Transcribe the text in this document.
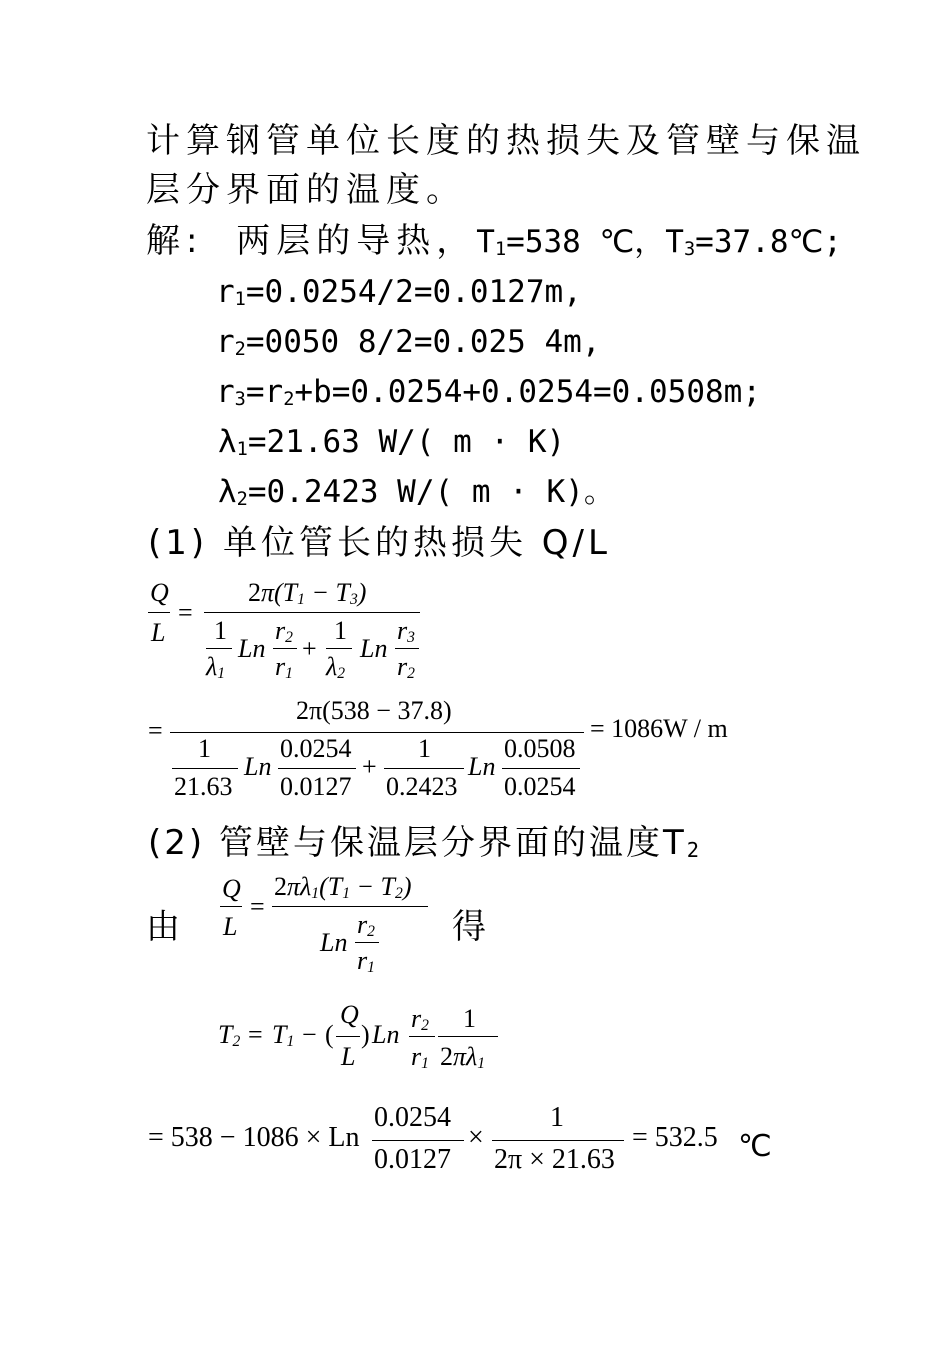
计算钢管单位长度的热损失及管壁与保温
层分界面的温度。
解: 两层的导热，$T_1=538$ ℃，$T_3=37.8℃$;
$r_1=0.0254/2=0.0127m$,
$r_2=0050$ 8/2=0.025 4m,
$r_3=r_2+b=0.0254+0.0254=0.0508m$;
$\lambda_1=21.63$ W/( m · K)
$\lambda_2=0.2423$ W/( m · K)。
(1) 单位管长的热损失 Q/L
Q
L
=
$2\pi(T_1 - T_3)$
1
$\lambda_1$
Ln
$r_2$
$r_1$
+
1
$\lambda_2$
Ln
$r_3$
$r_2$
=
2π(538 − 37.8)
1
21.63
Ln
0.0254
0.0127
+
1
0.2423
Ln
0.0508
0.0254
= 1086W / m
(2) 管壁与保温层分界面的温度$T_2$
由
Q
L
=
$2\pi\lambda_1(T_1 - T_2)$
Ln
$r_2$
$r_1$
得
$T_2 = T_1$ − (
Q
L
) Ln
$r_2$
$r_1$
1
$2\pi\lambda_1$
= 538 − 1086 × Ln
0.0254
0.0127
×
1
2π × 21.63
= 532.5 ℃
